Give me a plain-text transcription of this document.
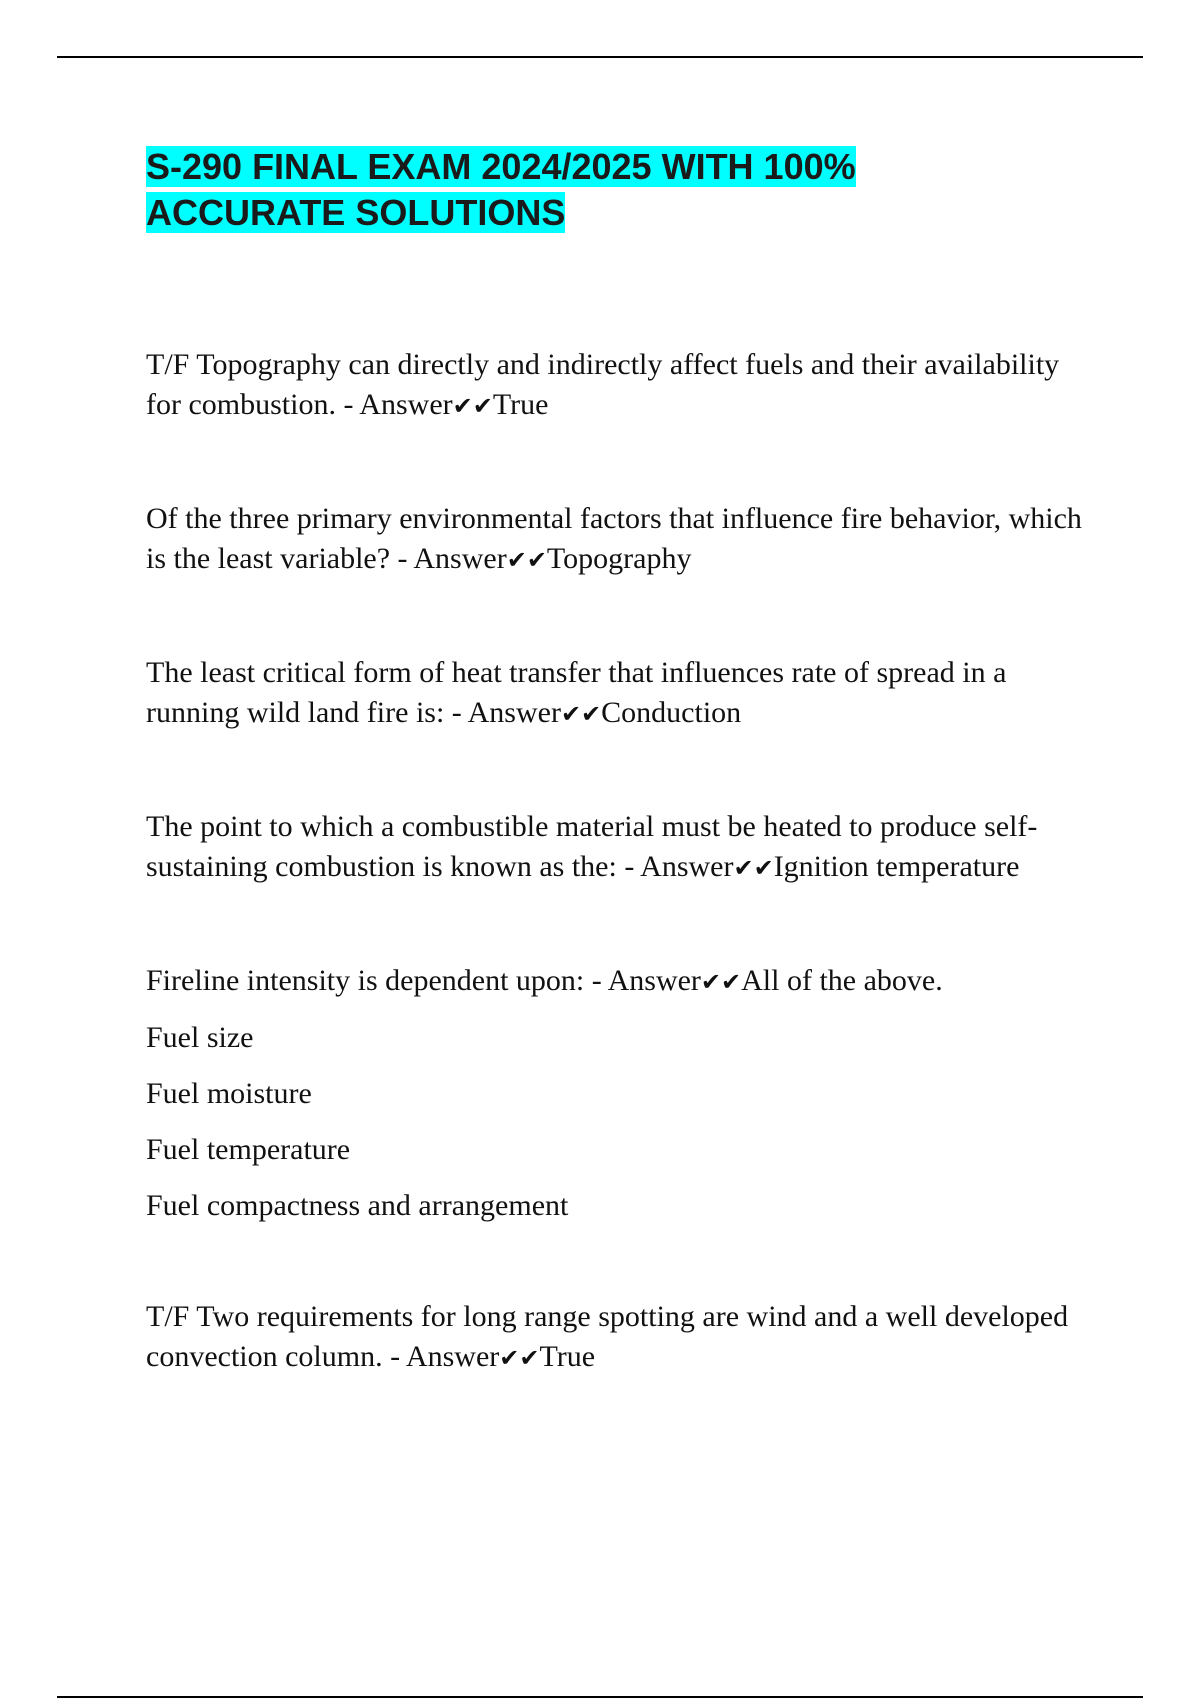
S-290 FINAL EXAM 2024/2025 WITH 100%
ACCURATE SOLUTIONS

T/F Topography can directly and indirectly affect fuels and their availability for combustion. - Answer✔✔True

Of the three primary environmental factors that influence fire behavior, which is the least variable? - Answer✔✔Topography

The least critical form of heat transfer that influences rate of spread in a running wild land fire is: - Answer✔✔Conduction

The point to which a combustible material must be heated to produce self-sustaining combustion is known as the: - Answer✔✔Ignition temperature

Fireline intensity is dependent upon: - Answer✔✔All of the above.

Fuel size

Fuel moisture

Fuel temperature

Fuel compactness and arrangement

T/F Two requirements for long range spotting are wind and a well developed convection column. - Answer✔✔True
